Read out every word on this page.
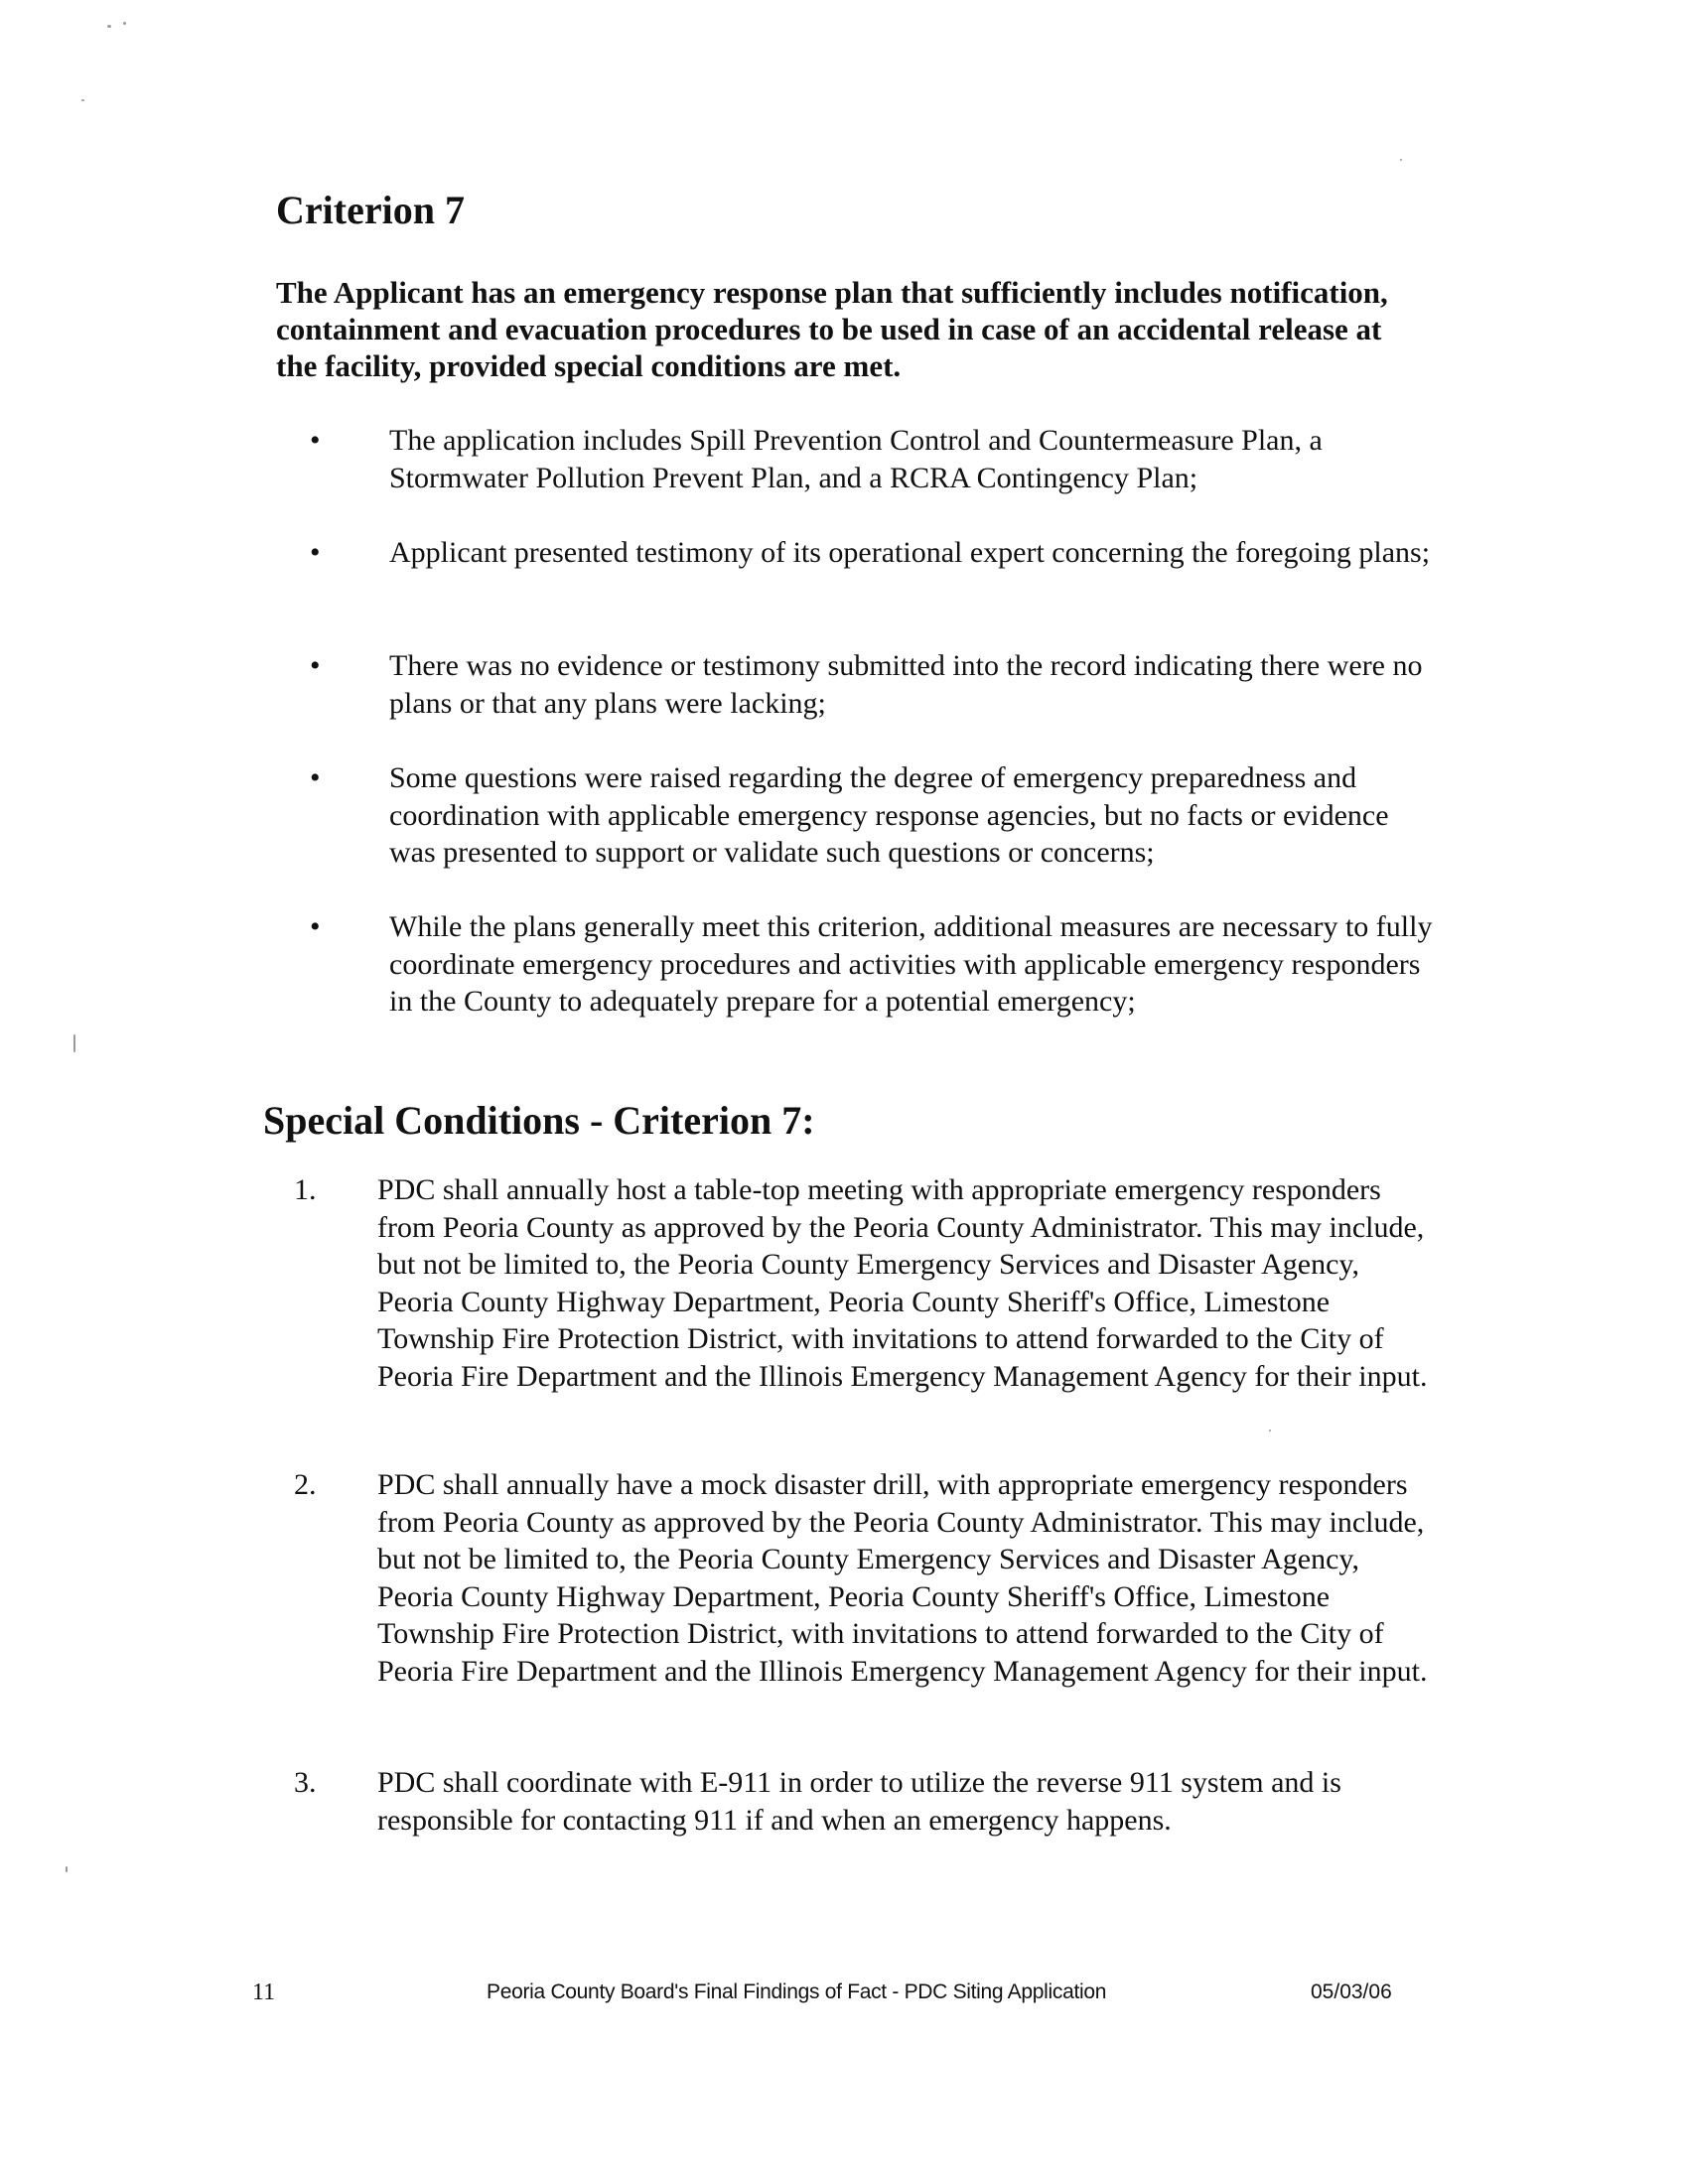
Criterion 7

The Applicant has an emergency response plan that sufficiently includes notification, containment and evacuation procedures to be used in case of an accidental release at the facility, provided special conditions are met.

• The application includes Spill Prevention Control and Countermeasure Plan, a Stormwater Pollution Prevent Plan, and a RCRA Contingency Plan;
• Applicant presented testimony of its operational expert concerning the foregoing plans;
• There was no evidence or testimony submitted into the record indicating there were no plans or that any plans were lacking;
• Some questions were raised regarding the degree of emergency preparedness and coordination with applicable emergency response agencies, but no facts or evidence was presented to support or validate such questions or concerns;
• While the plans generally meet this criterion, additional measures are necessary to fully coordinate emergency procedures and activities with applicable emergency responders in the County to adequately prepare for a potential emergency;
Special Conditions - Criterion 7:
1. PDC shall annually host a table-top meeting with appropriate emergency responders from Peoria County as approved by the Peoria County Administrator. This may include, but not be limited to, the Peoria County Emergency Services and Disaster Agency, Peoria County Highway Department, Peoria County Sheriff's Office, Limestone Township Fire Protection District, with invitations to attend forwarded to the City of Peoria Fire Department and the Illinois Emergency Management Agency for their input.
2. PDC shall annually have a mock disaster drill, with appropriate emergency responders from Peoria County as approved by the Peoria County Administrator. This may include, but not be limited to, the Peoria County Emergency Services and Disaster Agency, Peoria County Highway Department, Peoria County Sheriff's Office, Limestone Township Fire Protection District, with invitations to attend forwarded to the City of Peoria Fire Department and the Illinois Emergency Management Agency for their input.
3. PDC shall coordinate with E-911 in order to utilize the reverse 911 system and is responsible for contacting 911 if and when an emergency happens.
11	Peoria County Board's Final Findings of Fact - PDC Siting Application	05/03/06
